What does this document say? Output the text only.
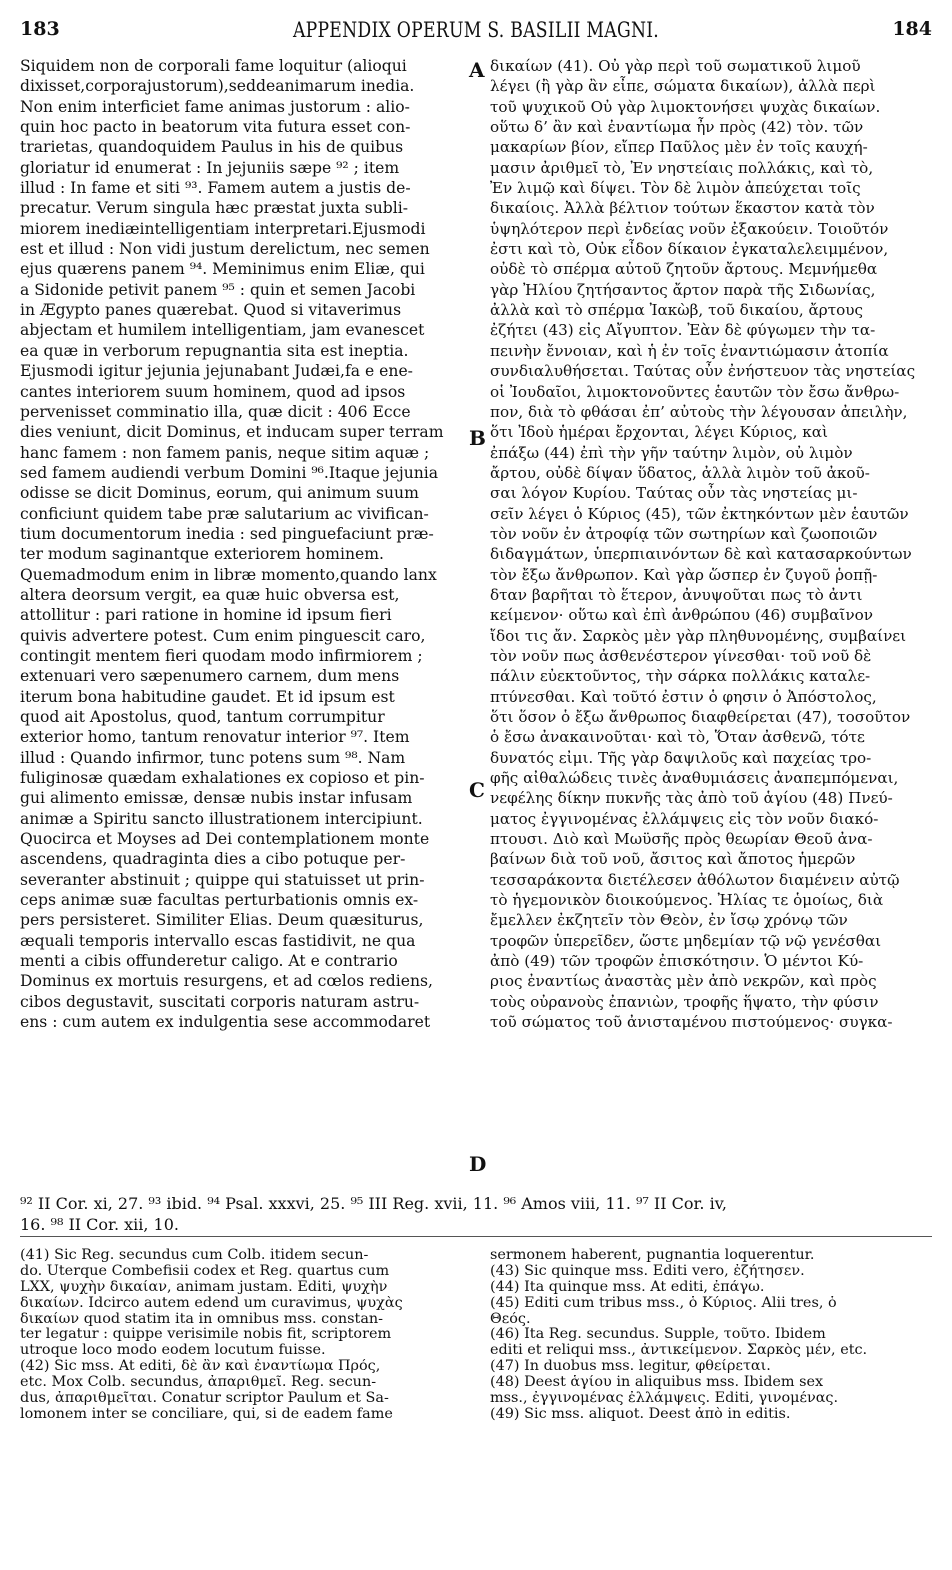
183	APPENDIX OPERUM S. BASILII MAGNI.	184
Siquidem non de corporali fame loquitur (alioqui
dixisset,corporajustorum),seddeanimarum inedia.
Non enim interficiet fame animas justorum : alio-
quin hoc pacto in beatorum vita futura esset con-
trarietas, quandoquidem Paulus in his de quibus
gloriatur id enumerat : In jejuniis sæpe ⁹² ; item
illud : In fame et siti ⁹³. Famem autem a justis de-
precatur. Verum singula hæc præstat juxta subli-
miorem inediæintelligentiam interpretari.Ejusmodi
est et illud : Non vidi justum derelictum, nec semen
ejus quærens panem ⁹⁴. Meminimus enim Eliæ, qui
a Sidonide petivit panem ⁹⁵ : quin et semen Jacobi
in Ægypto panes quærebat. Quod si vitaverimus
abjectam et humilem intelligentiam, jam evanescet
ea quæ in verborum repugnantia sita est ineptia.
Ejusmodi igitur jejunia jejunabant Judæi,fa e ene-
cantes interiorem suum hominem, quod ad ipsos
pervenisset comminatio illa, quæ dicit : 406 Ecce
dies veniunt, dicit Dominus, et inducam super terram
hanc famem : non famem panis, neque sitim aquæ ;
sed famem audiendi verbum Domini ⁹⁶.Itaque jejunia
odisse se dicit Dominus, eorum, qui animum suum
conficiunt quidem tabe præ salutarium ac vivifican-
tium documentorum inedia : sed pinguefaciunt præ-
ter modum saginantque exteriorem hominem.
Quemadmodum enim in libræ momento,quando lanx
altera deorsum vergit, ea quæ huic obversa est,
attollitur : pari ratione in homine id ipsum fieri
quivis advertere potest. Cum enim pinguescit caro,
contingit mentem fieri quodam modo infirmiorem ;
extenuari vero sæpenumero carnem, dum mens
iterum bona habitudine gaudet. Et id ipsum est
quod ait Apostolus, quod, tantum corrumpitur
exterior homo, tantum renovatur interior ⁹⁷. Item
illud : Quando infirmor, tunc potens sum ⁹⁸. Nam
fuliginosæ quædam exhalationes ex copioso et pin-
gui alimento emissæ, densæ nubis instar infusam
animæ a Spiritu sancto illustrationem intercipiunt.
Quocirca et Moyses ad Dei contemplationem monte
ascendens, quadraginta dies a cibo potuque per-
severanter abstinuit ; quippe qui statuisset ut prin-
ceps animæ suæ facultas perturbationis omnis ex-
pers persisteret. Similiter Elias. Deum quæsiturus,
æquali temporis intervallo escas fastidivit, ne qua
menti a cibis offunderetur caligo. At e contrario
Dominus ex mortuis resurgens, et ad cœlos rediens,
cibos degustavit, suscitati corporis naturam astru-
ens : cum autem ex indulgentia sese accommodaret
δικαίων (41). Οὐ γὰρ περὶ τοῦ σωματικοῦ λιμοῦ
λέγει (ἢ γὰρ ἂν εἶπε, σώματα δικαίων), ἀλλὰ περὶ
τοῦ ψυχικοῦ Οὐ γὰρ λιμοκτονήσει ψυχὰς δικαίων.
οὕτω δ’ ἂν καὶ ἐναντίωμα ἦν πρὸς (42) τὸν. τῶν
μακαρίων βίον, εἴπερ Παῦλος μὲν ἐν τοῖς καυχή-
μασιν ἀριθμεῖ τὸ, Ἐν νηστείαις πολλάκις, καὶ τὸ,
Ἐν λιμῷ καὶ δίψει. Τὸν δὲ λιμὸν ἀπεύχεται τοῖς
δικαίοις. Ἀλλὰ βέλτιον τούτων ἕκαστον κατὰ τὸν
ὑψηλότερον περὶ ἐνδείας νοῦν ἐξακούειν. Τοιοῦτόν
ἐστι καὶ τὸ, Οὐκ εἶδον δίκαιον ἐγκαταλελειμμένον,
οὐδὲ τὸ σπέρμα αὐτοῦ ζητοῦν ἄρτους. Μεμνήμεθα
γὰρ Ἠλίου ζητήσαντος ἄρτον παρὰ τῆς Σιδωνίας,
ἀλλὰ καὶ τὸ σπέρμα Ἰακὼβ, τοῦ δικαίου, ἄρτους
ἐζήτει (43) εἰς Αἴγυπτον. Ἐὰν δὲ φύγωμεν τὴν τα-
πεινὴν ἔννοιαν, καὶ ἡ ἐν τοῖς ἐναντιώμασιν ἀτοπία
συνδιαλυθήσεται. Ταύτας οὖν ἐνήστευον τὰς νηστείας
οἱ Ἰουδαῖοι, λιμοκτονοῦντες ἑαυτῶν τὸν ἔσω ἄνθρω-
πον, διὰ τὸ φθάσαι ἐπ’ αὐτοὺς τὴν λέγουσαν ἀπειλὴν,
ὅτι Ἰδοὺ ἡμέραι ἔρχονται, λέγει Κύριος, καὶ
ἐπάξω (44) ἐπὶ τὴν γῆν ταύτην λιμὸν, οὐ λιμὸν
ἄρτου, οὐδὲ δίψαν ὕδατος, ἀλλὰ λιμὸν τοῦ ἀκοῦ-
σαι λόγον Κυρίου. Ταύτας οὖν τὰς νηστείας μι-
σεῖν λέγει ὁ Κύριος (45), τῶν ἐκτηκόντων μὲν ἑαυτῶν
τὸν νοῦν ἐν ἀτροφίᾳ τῶν σωτηρίων καὶ ζωοποιῶν
διδαγμάτων, ὑπερπιαινόντων δὲ καὶ κατασαρκούντων
τὸν ἔξω ἄνθρωπον. Καὶ γὰρ ὥσπερ ἐν ζυγοῦ ῥοπῇ-
δταν βαρῆται τὸ ἕτερον, ἀνυψοῦται πως τὸ ἀντι
κείμενον· οὕτω καὶ ἐπὶ ἀνθρώπου (46) συμβαῖνον
ἴδοι τις ἄν. Σαρκὸς μὲν γὰρ πληθυνομένης, συμβαίνει
τὸν νοῦν πως ἀσθενέστερον γίνεσθαι· τοῦ νοῦ δὲ
πάλιν εὐεκτοῦντος, τὴν σάρκα πολλάκις καταλε-
πτύνεσθαι. Καὶ τοῦτό ἐστιν ὁ φησιν ὁ Ἀπόστολος,
ὅτι ὅσον ὁ ἔξω ἄνθρωπος διαφθείρεται (47), τοσοῦτον
ὁ ἔσω ἀνακαινοῦται· καὶ τὸ, Ὅταν ἀσθενῶ, τότε
δυνατός εἰμι. Τῆς γὰρ δαψιλοῦς καὶ παχείας τρο-
φῆς αἰθαλώδεις τινὲς ἀναθυμιάσεις ἀναπεμπόμεναι,
νεφέλης δίκην πυκνῆς τὰς ἀπὸ τοῦ ἁγίου (48) Πνεύ-
ματος ἐγγινομένας ἐλλάμψεις εἰς τὸν νοῦν διακό-
πτουσι. Διὸ καὶ Μωϋσῆς πρὸς θεωρίαν Θεοῦ ἀνα-
βαίνων διὰ τοῦ νοῦ, ἄσιτος καὶ ἄποτος ἡμερῶν
τεσσαράκοντα διετέλεσεν ἀθόλωτον διαμένειν αὐτῷ
τὸ ἡγεμονικὸν διοικούμενος. Ἠλίας τε ὁμοίως, διὰ
ἔμελλεν ἐκζητεῖν τὸν Θεὸν, ἐν ἴσῳ χρόνῳ τῶν
τροφῶν ὑπερεῖδεν, ὥστε μηδεμίαν τῷ νῷ γενέσθαι
ἀπὸ (49) τῶν τροφῶν ἐπισκότησιν. Ὁ μέντοι Κύ-
ριος ἐναντίως ἀναστὰς μὲν ἀπὸ νεκρῶν, καὶ πρὸς
τοὺς οὐρανοὺς ἐπανιὼν, τροφῆς ἥψατο, τὴν φύσιν
τοῦ σώματος τοῦ ἀνισταμένου πιστούμενος· συγκα-
A
B
C
D
⁹² II Cor. xi, 27. ⁹³ ibid. ⁹⁴ Psal. xxxvi, 25. ⁹⁵ III Reg. xvii, 11. ⁹⁶ Amos viii, 11. ⁹⁷ II Cor. iv,
16. ⁹⁸ II Cor. xii, 10.
(41) Sic Reg. secundus cum Colb. itidem secun-
do. Uterque Combefisii codex et Reg. quartus cum
LXX, ψυχὴν δικαίαν, animam justam. Editi, ψυχὴν
δικαίων. Idcirco autem edend um curavimus, ψυχὰς
δικαίων quod statim ita in omnibus mss. constan-
ter legatur : quippe verisimile nobis fit, scriptorem
utroque loco modo eodem locutum fuisse.
(42) Sic mss. At editi, δὲ ἂν καὶ ἐναντίωμα Πρός,
etc. Mox Colb. secundus, ἀπαριθμεῖ. Reg. secun-
dus, ἀπαριθμεῖται. Conatur scriptor Paulum et Sa-
lomonem inter se conciliare, qui, si de eadem fame
sermonem haberent, pugnantia loquerentur.
(43) Sic quinque mss. Editi vero, ἐζήτησεν.
(44) Ita quinque mss. At editi, ἐπάγω.
(45) Editi cum tribus mss., ὁ Κύριος. Alii tres, ὁ
Θεός.
(46) Ita Reg. secundus. Supple, τοῦτο. Ibidem
editi et reliqui mss., ἀντικείμενον. Σαρκὸς μέν, etc.
(47) In duobus mss. legitur, φθείρεται.
(48) Deest ἁγίου in aliquibus mss. Ibidem sex
mss., ἐγγινομένας ἐλλάμψεις. Editi, γινομένας.
(49) Sic mss. aliquot. Deest ἀπὸ in editis.
